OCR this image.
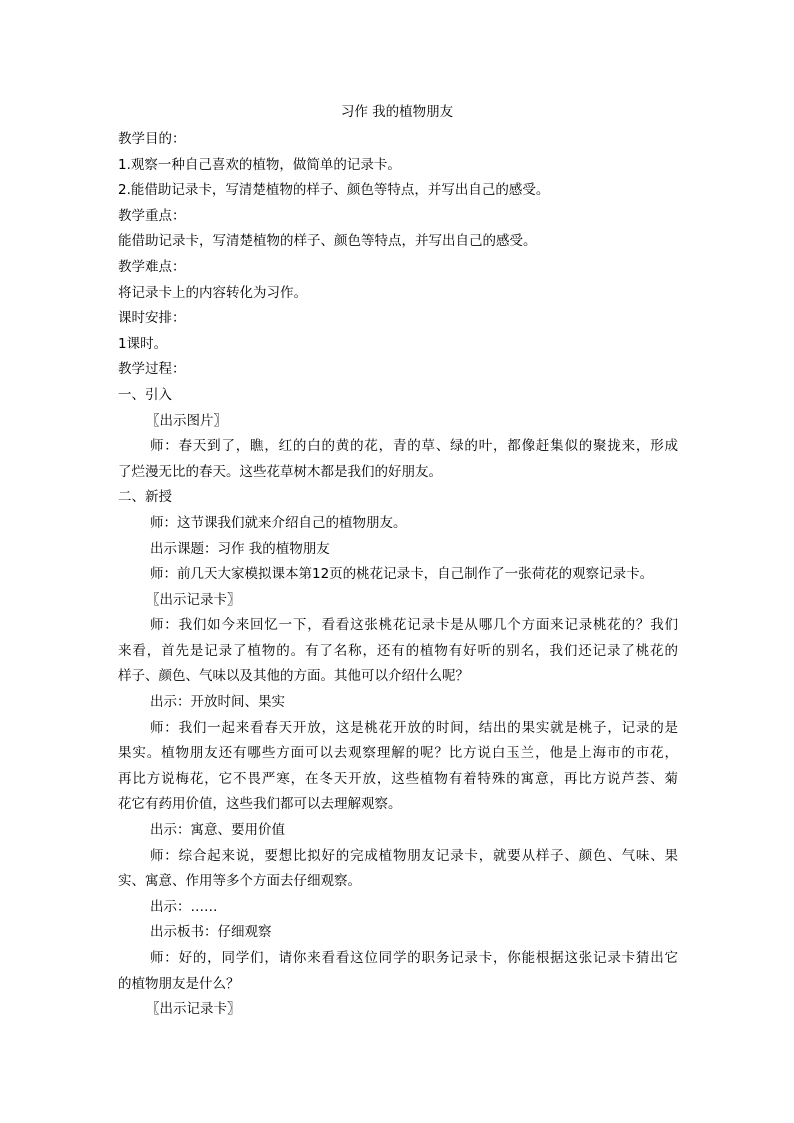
习作 我的植物朋友
教学目的：
1.观察一种自己喜欢的植物，做简单的记录卡。
2.能借助记录卡，写清楚植物的样子、颜色等特点，并写出自己的感受。
教学重点：
能借助记录卡，写清楚植物的样子、颜色等特点，并写出自己的感受。
教学难点：
将记录卡上的内容转化为习作。
课时安排：
1课时。
教学过程：
一、引入
〖出示图片〗
师：春天到了，瞧，红的白的黄的花，青的草、绿的叶，都像赶集似的聚拢来，形成
了烂漫无比的春天。这些花草树木都是我们的好朋友。
二、新授
师：这节课我们就来介绍自己的植物朋友。
出示课题：习作 我的植物朋友
师：前几天大家模拟课本第12页的桃花记录卡，自己制作了一张荷花的观察记录卡。
〖出示记录卡〗
师：我们如今来回忆一下，看看这张桃花记录卡是从哪几个方面来记录桃花的？我们
来看，首先是记录了植物的。有了名称，还有的植物有好听的别名，我们还记录了桃花的
样子、颜色、气味以及其他的方面。其他可以介绍什么呢？
出示：开放时间、果实
师：我们一起来看春天开放，这是桃花开放的时间，结出的果实就是桃子，记录的是
果实。植物朋友还有哪些方面可以去观察理解的呢？比方说白玉兰，他是上海市的市花，
再比方说梅花，它不畏严寒，在冬天开放，这些植物有着特殊的寓意，再比方说芦荟、菊
花它有药用价值，这些我们都可以去理解观察。
出示：寓意、要用价值
师：综合起来说，要想比拟好的完成植物朋友记录卡，就要从样子、颜色、气味、果
实、寓意、作用等多个方面去仔细观察。
出示：……
出示板书：仔细观察
师：好的，同学们，请你来看看这位同学的职务记录卡，你能根据这张记录卡猜出它
的植物朋友是什么？
〖出示记录卡〗
